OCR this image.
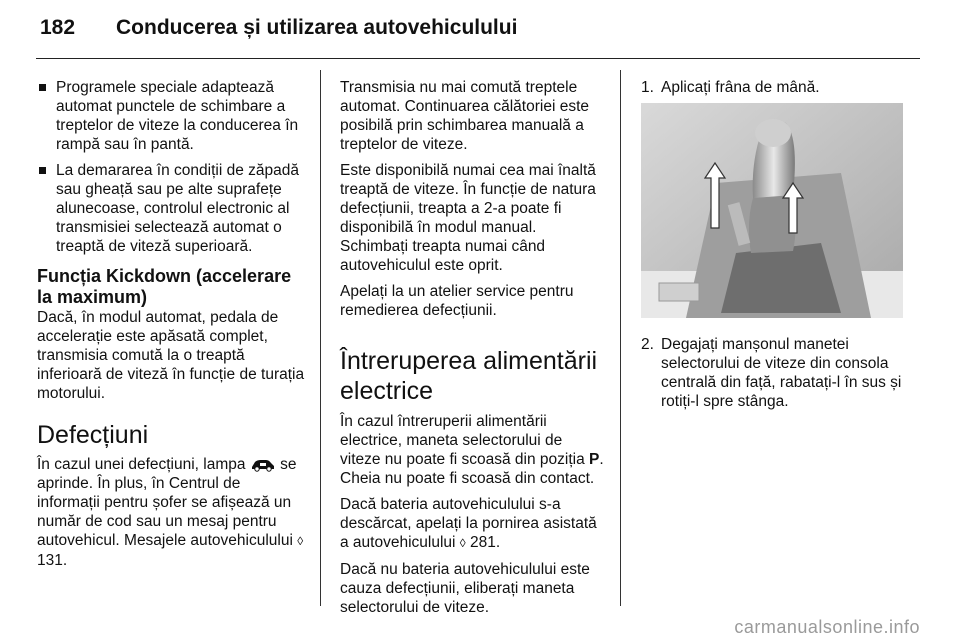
182	Conducerea și utilizarea autovehiculului
Programele speciale adaptează automat punctele de schimbare a treptelor de viteze la conducerea în rampă sau în pantă.
La demararea în condiții de zăpadă sau gheață sau pe alte suprafețe alunecoase, controlul electronic al transmisiei selectează automat o treaptă de viteză superioară.
Funcția Kickdown (accelerare la maximum)

Dacă, în modul automat, pedala de accelerație este apăsată complet, transmisia comută la o treaptă inferioară de viteză în funcție de turația motorului.

Defecțiuni

În cazul unei defecțiuni, lampa se aprinde. În plus, în Centrul de informații pentru șofer se afișează un număr de cod sau un mesaj pentru autovehicul. Mesajele autovehiculului ◊ 131.

Transmisia nu mai comută treptele automat. Continuarea călătoriei este posibilă prin schimbarea manuală a treptelor de viteze.

Este disponibilă numai cea mai înaltă treaptă de viteze. În funcție de natura defecțiunii, treapta a 2-a poate fi disponibilă în modul manual. Schimbați treapta numai când autovehiculul este oprit.

Apelați la un atelier service pentru remedierea defecțiunii.

Întreruperea alimentării electrice

În cazul întreruperii alimentării electrice, maneta selectorului de viteze nu poate fi scoasă din poziția P. Cheia nu poate fi scoasă din contact.

Dacă bateria autovehiculului s-a descărcat, apelați la pornirea asistată a autovehiculului ◊ 281.

Dacă nu bateria autovehiculului este cauza defecțiunii, eliberați maneta selectorului de viteze.

1. Aplicați frâna de mână.
2. Degajați manșonul manetei selectorului de viteze din consola centrală din față, rabatați-l în sus și rotiți-l spre stânga.
carmanualsonline.info
